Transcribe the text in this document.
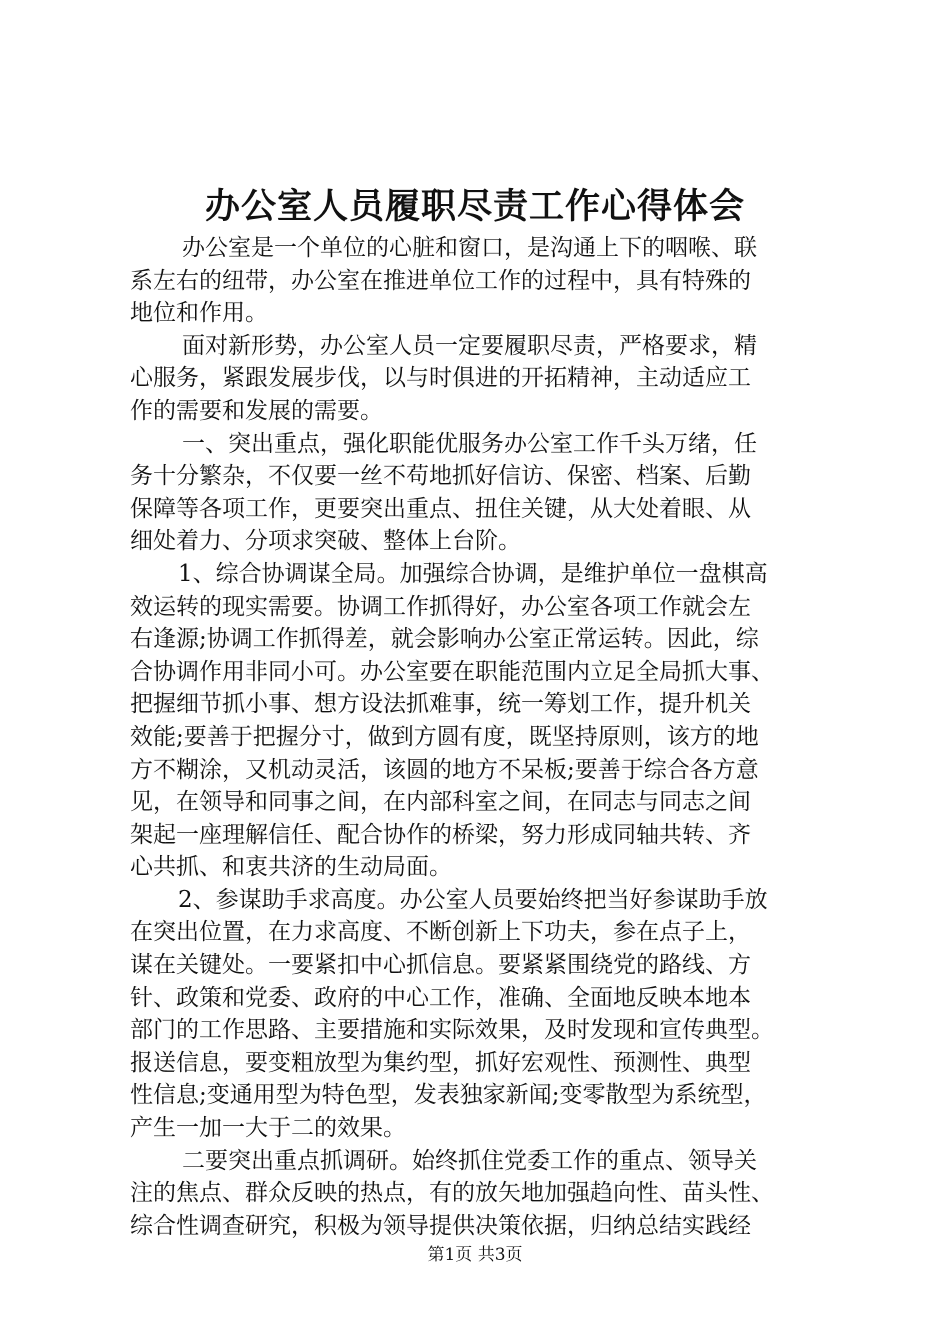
办公室人员履职尽责工作心得体会
办公室是一个单位的心脏和窗口，是沟通上下的咽喉、联
系左右的纽带，办公室在推进单位工作的过程中，具有特殊的
地位和作用。
面对新形势，办公室人员一定要履职尽责，严格要求，精
心服务，紧跟发展步伐，以与时俱进的开拓精神，主动适应工
作的需要和发展的需要。
一、突出重点，强化职能优服务办公室工作千头万绪，任
务十分繁杂，不仅要一丝不苟地抓好信访、保密、档案、后勤
保障等各项工作，更要突出重点、扭住关键，从大处着眼、从
细处着力、分项求突破、整体上台阶。
1、综合协调谋全局。加强综合协调，是维护单位一盘棋高
效运转的现实需要。协调工作抓得好，办公室各项工作就会左
右逢源;协调工作抓得差，就会影响办公室正常运转。因此，综
合协调作用非同小可。办公室要在职能范围内立足全局抓大事、
把握细节抓小事、想方设法抓难事，统一筹划工作，提升机关
效能;要善于把握分寸，做到方圆有度，既坚持原则，该方的地
方不糊涂，又机动灵活，该圆的地方不呆板;要善于综合各方意
见，在领导和同事之间，在内部科室之间，在同志与同志之间
架起一座理解信任、配合协作的桥梁，努力形成同轴共转、齐
心共抓、和衷共济的生动局面。
2、参谋助手求高度。办公室人员要始终把当好参谋助手放
在突出位置，在力求高度、不断创新上下功夫，参在点子上，
谋在关键处。一要紧扣中心抓信息。要紧紧围绕党的路线、方
针、政策和党委、政府的中心工作，准确、全面地反映本地本
部门的工作思路、主要措施和实际效果，及时发现和宣传典型。
报送信息，要变粗放型为集约型，抓好宏观性、预测性、典型
性信息;变通用型为特色型，发表独家新闻;变零散型为系统型，
产生一加一大于二的效果。
二要突出重点抓调研。始终抓住党委工作的重点、领导关
注的焦点、群众反映的热点，有的放矢地加强趋向性、苗头性、
综合性调查研究，积极为领导提供决策依据，归纳总结实践经
第1页 共3页
